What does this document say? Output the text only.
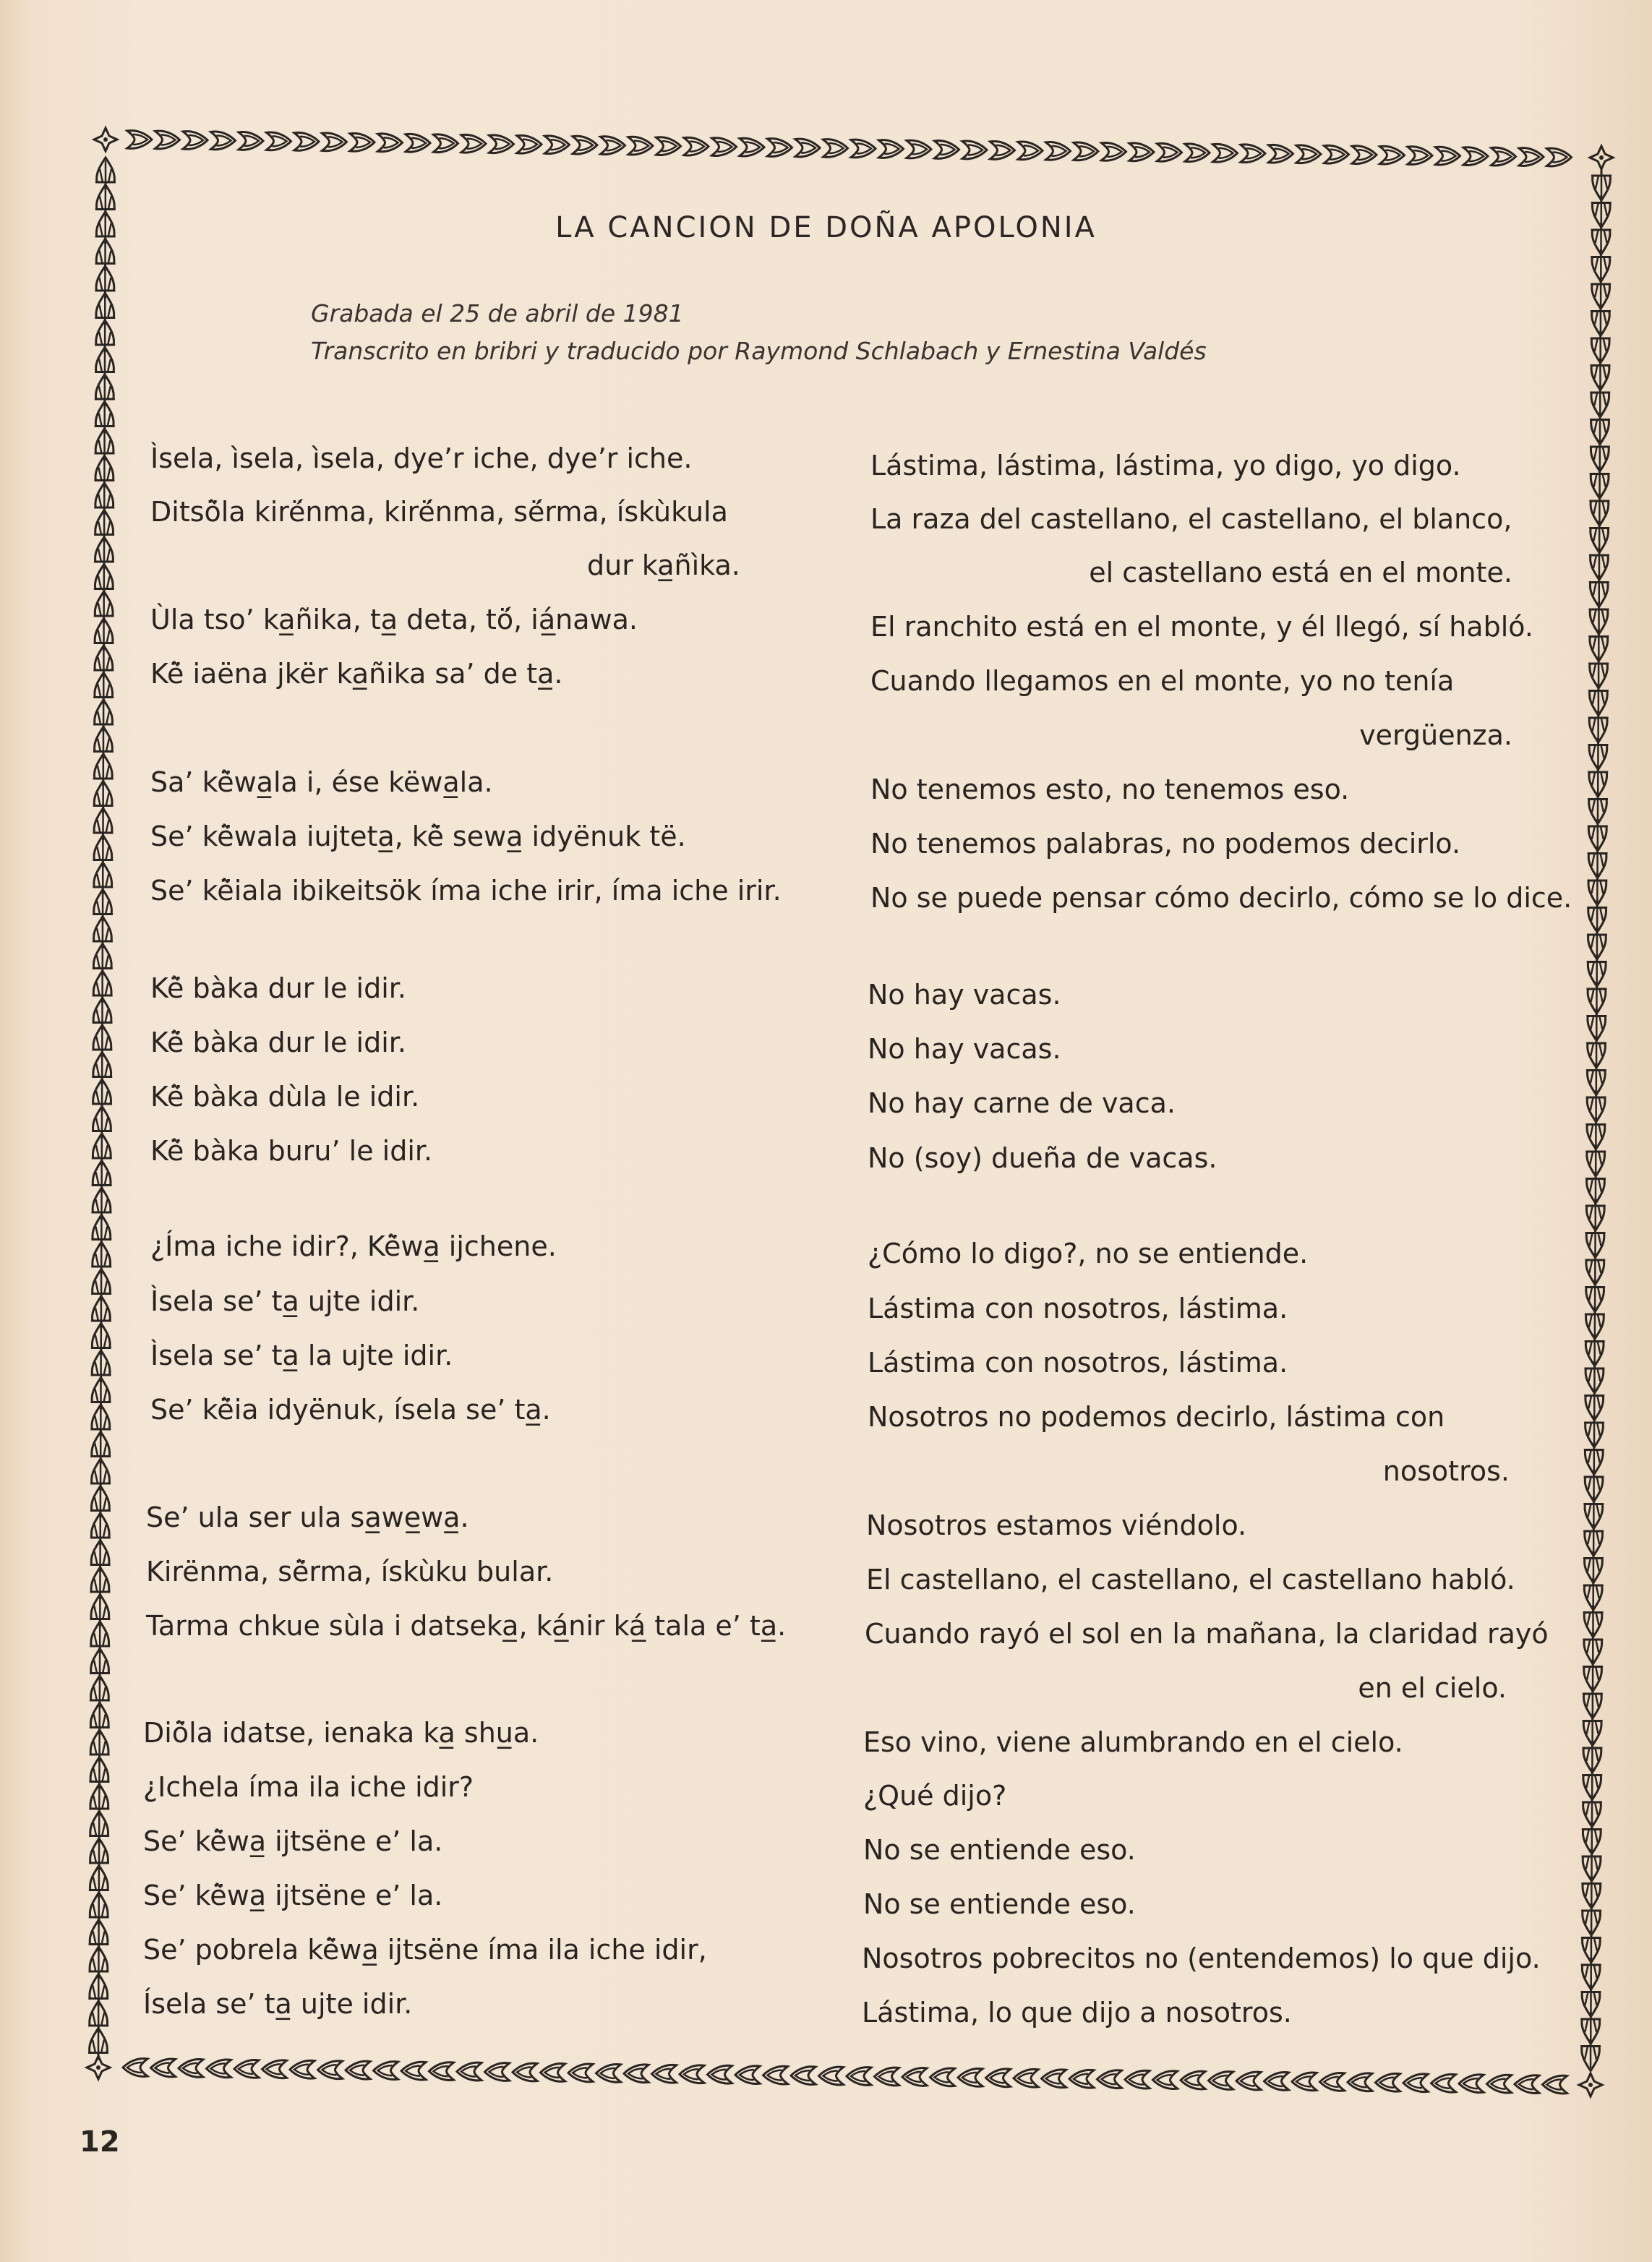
LA CANCION DE DOÑA APOLONIA
Grabada el 25 de abril de 1981
Transcrito en bribri y traducido por Raymond Schlabach y Ernestina Valdés
Ìsela, ìsela, ìsela, dye’r iche, dye’r iche.
Ditsö̀la kirë́nma, kirë́nma, së́rma, ískùkula
dur ka̲ñìka.
Ùla tso’ ka̲ñika, ta̲ deta, tö́, iá̲nawa.
Kë̀ iaëna jkër ka̲ñika sa’ de ta̲.
Sa’ kë̀wa̲la i, ése këwa̲la.
Se’ kë̀wala iujteta̲, kë̀ sewa̲ idyënuk të.
Se’ kë̀iala ibikeitsök íma iche irir, íma iche irir.
Kë̀ bàka dur le idir.
Kë̀ bàka dur le idir.
Kë̀ bàka dùla le idir.
Kë̀ bàka buru’ le idir.
¿Íma iche idir?, Kë̀wa̲ ijchene.
Ìsela se’ ta̲ ujte idir.
Ìsela se’ ta̲ la ujte idir.
Se’ kë̀ia idyënuk, ísela se’ ta̲.
Se’ ula ser ula sa̲we̲wa̲.
Kirënma, së̀rma, ískùku bular.
Tarma chkue sùla i datseka̲, ká̲nir ká̲ tala e’ ta̲.
Diö̀la idatse, ienaka ka̲ shu̲a.
¿Ichela íma ila iche idir?
Se’ kë̀wa̲ ijtsëne e’ la.
Se’ kë̀wa̲ ijtsëne e’ la.
Se’ pobrela kë̀wa̲ ijtsëne íma ila iche idir,
Ísela se’ ta̲ ujte idir.
Lástima, lástima, lástima, yo digo, yo digo.
La raza del castellano, el castellano, el blanco,
el castellano está en el monte.
El ranchito está en el monte, y él llegó, sí habló.
Cuando llegamos en el monte, yo no tenía
vergüenza.
No tenemos esto, no tenemos eso.
No tenemos palabras, no podemos decirlo.
No se puede pensar cómo decirlo, cómo se lo dice.
No hay vacas.
No hay vacas.
No hay carne de vaca.
No (soy) dueña de vacas.
¿Cómo lo digo?, no se entiende.
Lástima con nosotros, lástima.
Lástima con nosotros, lástima.
Nosotros no podemos decirlo, lástima con
nosotros.
Nosotros estamos viéndolo.
El castellano, el castellano, el castellano habló.
Cuando rayó el sol en la mañana, la claridad rayó
en el cielo.
Eso vino, viene alumbrando en el cielo.
¿Qué dijo?
No se entiende eso.
No se entiende eso.
Nosotros pobrecitos no (entendemos) lo que dijo.
Lástima, lo que dijo a nosotros.
12
